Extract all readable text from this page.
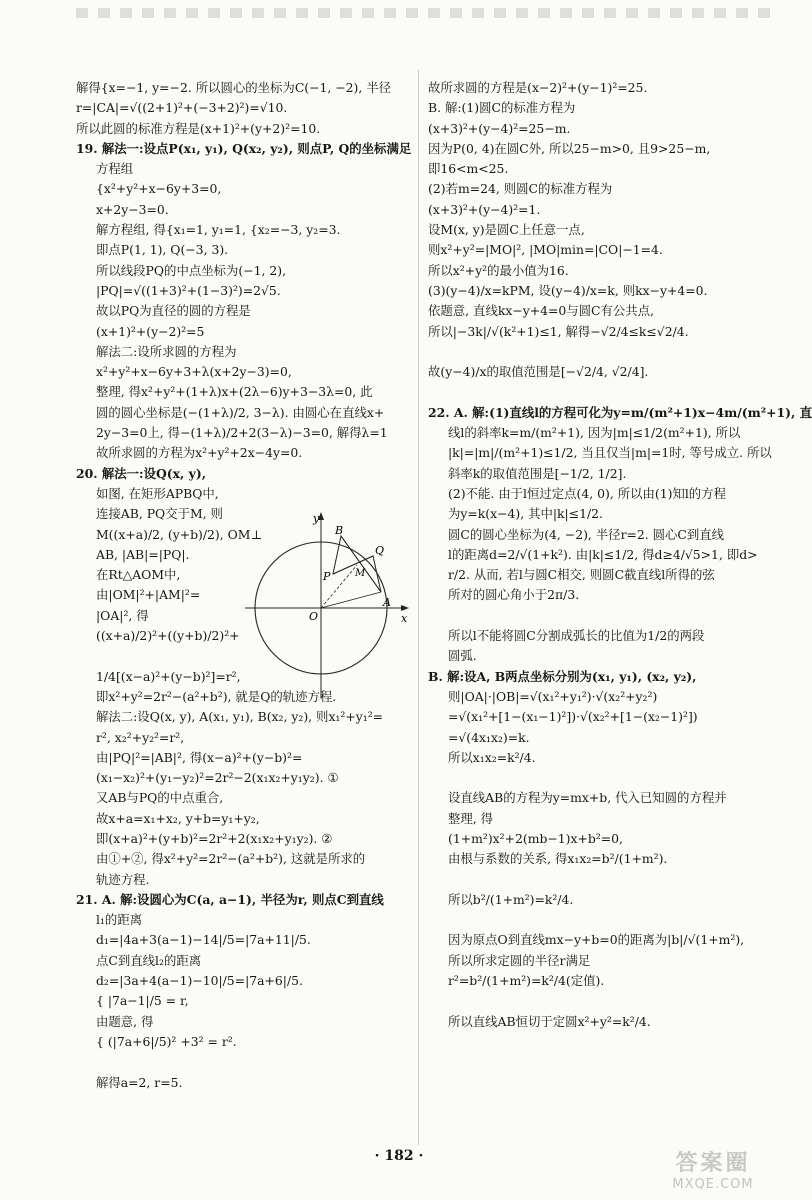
解得{x=−1, y=−2. 所以圆心的坐标为C(−1, −2), 半径
r=|CA|=√((2+1)²+(−3+2)²)=√10.
所以此圆的标准方程是(x+1)²+(y+2)²=10.
19. 解法一:设点P(x₁, y₁), Q(x₂, y₂), 则点P, Q的坐标满足
方程组
{x²+y²+x−6y+3=0,
x+2y−3=0.
解方程组, 得{x₁=1, y₁=1, {x₂=−3, y₂=3.
即点P(1, 1), Q(−3, 3).
所以线段PQ的中点坐标为(−1, 2),
|PQ|=√((1+3)²+(1−3)²)=2√5.
故以PQ为直径的圆的方程是
(x+1)²+(y−2)²=5
解法二:设所求圆的方程为
x²+y²+x−6y+3+λ(x+2y−3)=0,
整理, 得x²+y²+(1+λ)x+(2λ−6)y+3−3λ=0, 此
圆的圆心坐标是(−(1+λ)/2, 3−λ). 由圆心在直线x+
2y−3=0上, 得−(1+λ)/2+2(3−λ)−3=0, 解得λ=1
故所求圆的方程为x²+y²+2x−4y=0.
20. 解法一:设Q(x, y),
如图, 在矩形APBQ中,
连接AB, PQ交于M, 则
M((x+a)/2, (y+b)/2), OM⊥
AB, |AB|=|PQ|.
在Rt△AOM中,
由|OM|²+|AM|²=
|OA|², 得
((x+a)/2)²+((y+b)/2)²+

1/4[(x−a)²+(y−b)²]=r²,
即x²+y²=2r²−(a²+b²), 就是Q的轨迹方程.
解法二:设Q(x, y), A(x₁, y₁), B(x₂, y₂), 则x₁²+y₁²=
r², x₂²+y₂²=r²,
由|PQ|²=|AB|², 得(x−a)²+(y−b)²=
(x₁−x₂)²+(y₁−y₂)²=2r²−2(x₁x₂+y₁y₂). ①
又AB与PQ的中点重合,
故x+a=x₁+x₂, y+b=y₁+y₂,
即(x+a)²+(y+b)²=2r²+2(x₁x₂+y₁y₂). ②
由①+②, 得x²+y²=2r²−(a²+b²), 这就是所求的
轨迹方程.
21. A. 解:设圆心为C(a, a−1), 半径为r, 则点C到直线
l₁的距离
d₁=|4a+3(a−1)−14|/5=|7a+11|/5.
点C到直线l₂的距离
d₂=|3a+4(a−1)−10|/5=|7a+6|/5.
{ |7a−1|/5 = r,
由题意, 得
{ (|7a+6|/5)² +3² = r².

解得a=2, r=5.
故所求圆的方程是(x−2)²+(y−1)²=25.
B. 解:(1)圆C的标准方程为
(x+3)²+(y−4)²=25−m.
因为P(0, 4)在圆C外, 所以25−m>0, 且9>25−m,
即16<m<25.
(2)若m=24, 则圆C的标准方程为
(x+3)²+(y−4)²=1.
设M(x, y)是圆C上任意一点,
则x²+y²=|MO|², |MO|min=|CO|−1=4.
所以x²+y²的最小值为16.
(3)(y−4)/x=kPM, 设(y−4)/x=k, 则kx−y+4=0.
依题意, 直线kx−y+4=0与圆C有公共点,
所以|−3k|/√(k²+1)≤1, 解得−√2/4≤k≤√2/4.

故(y−4)/x的取值范围是[−√2/4, √2/4].

22. A. 解:(1)直线l的方程可化为y=m/(m²+1)x−4m/(m²+1), 直
线l的斜率k=m/(m²+1), 因为|m|≤1/2(m²+1), 所以
|k|=|m|/(m²+1)≤1/2, 当且仅当|m|=1时, 等号成立. 所以
斜率k的取值范围是[−1/2, 1/2].
(2)不能. 由于l恒过定点(4, 0), 所以由(1)知l的方程
为y=k(x−4), 其中|k|≤1/2.
圆C的圆心坐标为(4, −2), 半径r=2. 圆心C到直线
l的距离d=2/√(1+k²). 由|k|≤1/2, 得d≥4/√5>1, 即d>
r/2. 从而, 若l与圆C相交, 则圆C截直线l所得的弦
所对的圆心角小于2π/3.

所以l不能将圆C分割成弧长的比值为1/2的两段
圆弧.
B. 解:设A, B两点坐标分别为(x₁, y₁), (x₂, y₂),
则|OA|·|OB|=√(x₁²+y₁²)·√(x₂²+y₂²)
=√(x₁²+[1−(x₁−1)²])·√(x₂²+[1−(x₂−1)²])
=√(4x₁x₂)=k.
所以x₁x₂=k²/4.

设直线AB的方程为y=mx+b, 代入已知圆的方程并
整理, 得
(1+m²)x²+2(mb−1)x+b²=0,
由根与系数的关系, 得x₁x₂=b²/(1+m²).

所以b²/(1+m²)=k²/4.

因为原点O到直线mx−y+b=0的距离为|b|/√(1+m²),
所以所求定圆的半径r满足
r²=b²/(1+m²)=k²/4(定值).

所以直线AB恒切于定圆x²+y²=k²/4.
y
x
O
A
B
P
Q
M
· 182 ·	答案圈
MXQE.COM
